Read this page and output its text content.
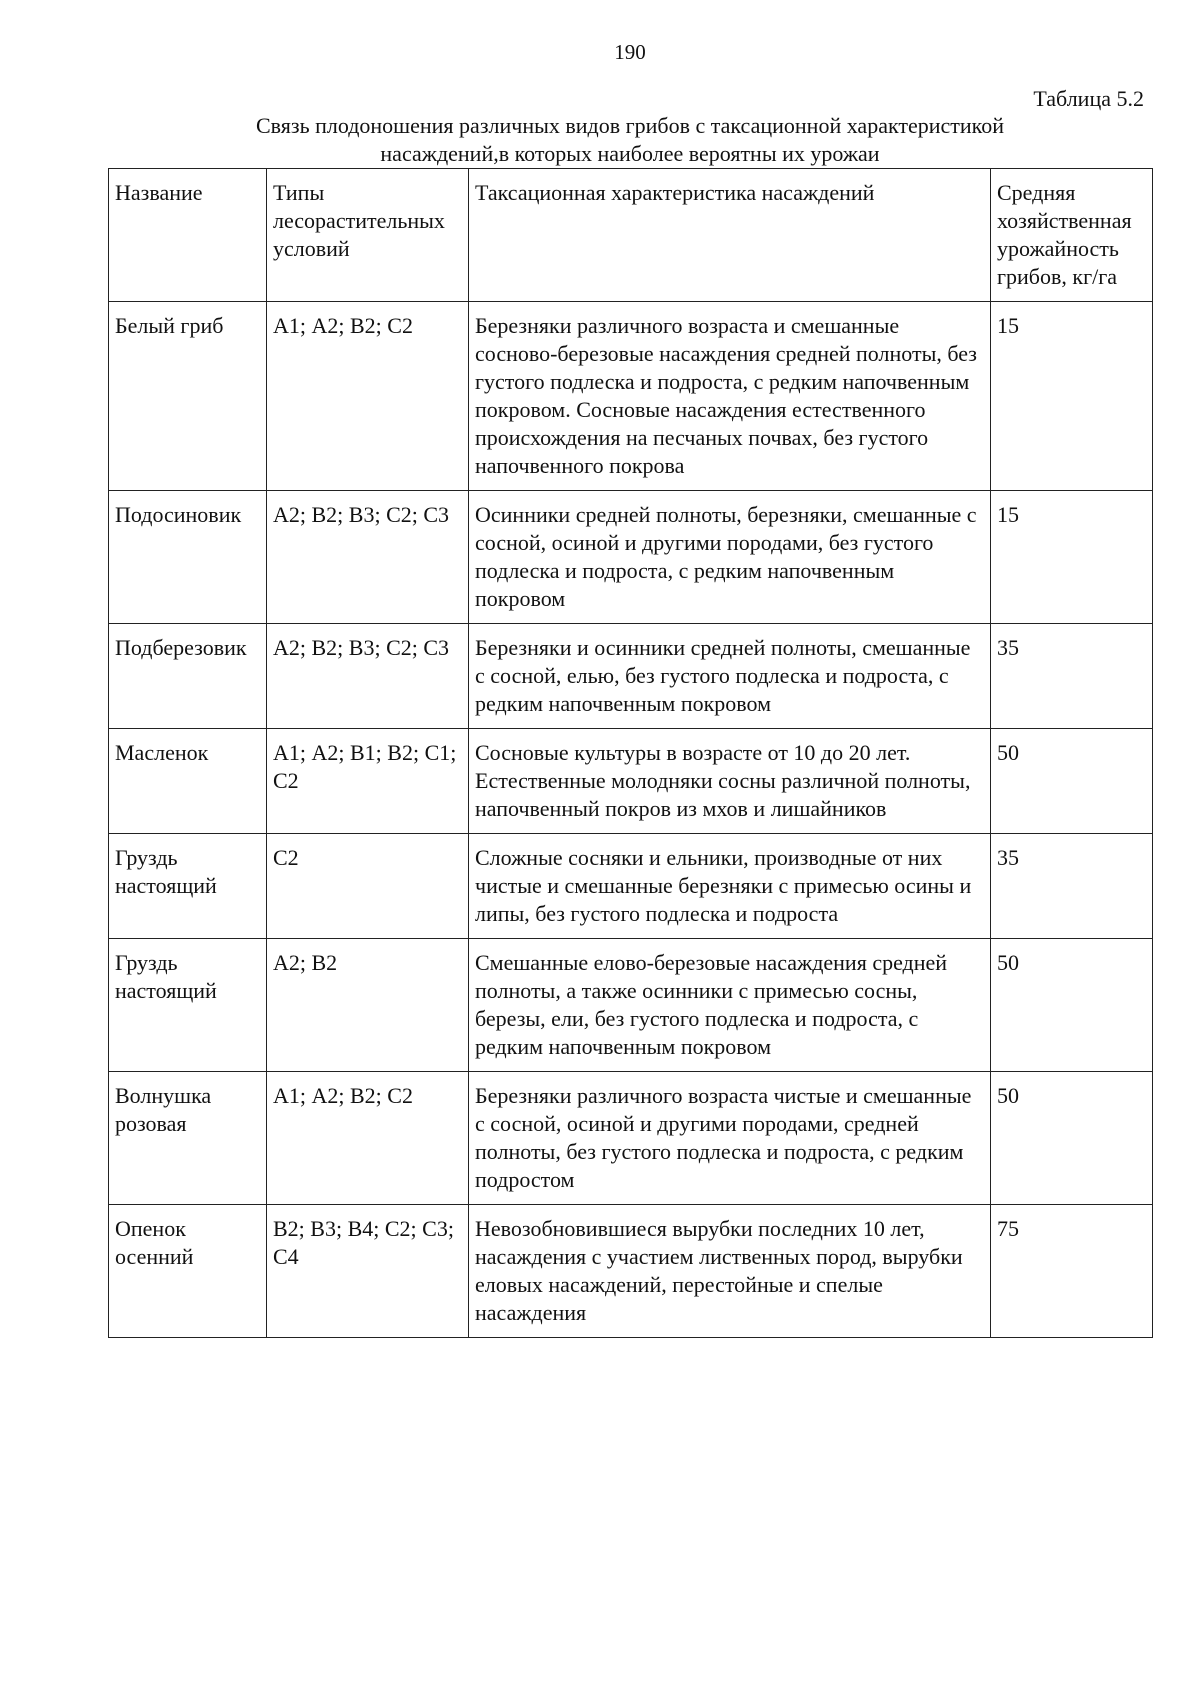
190
Таблица 5.2
Связь плодоношения различных видов грибов с таксационной характеристикой
насаждений,в которых наиболее вероятны их урожаи
Название	Типы лесорастительных условий	Таксационная характеристика насаждений	Средняя хозяйственная урожайность грибов, кг/га
Белый гриб	А1; А2; В2; С2	Березняки различного возраста и смешанные сосново-березовые насаждения средней полноты, без густого подлеска и подроста, с редким напочвенным покровом. Сосновые насаждения естественного происхождения на песчаных почвах, без густого напочвенного покрова	15
Подосиновик	А2; В2; В3; С2; С3	Осинники средней полноты, березняки, смешанные с сосной, осиной и другими породами, без густого подлеска и подроста, с редким напочвенным покровом	15
Подберезовик	А2; В2; В3; С2; С3	Березняки и осинники средней полноты, смешанные с сосной, елью, без густого подлеска и подроста, с редким напочвенным покровом	35
Масленок	А1; А2; В1; В2; С1; С2	Сосновые культуры в возрасте от 10 до 20 лет. Естественные молодняки сосны различной полноты, напочвенный покров из мхов и лишайников	50
Груздь настоящий	С2	Сложные сосняки и ельники, производные от них чистые и смешанные березняки с примесью осины и липы, без густого подлеска и подроста	35
Груздь настоящий	А2; В2	Смешанные елово-березовые насаждения средней полноты, а также осинники с примесью сосны, березы, ели, без густого подлеска и подроста, с редким напочвенным покровом	50
Волнушка розовая	А1; А2; В2; С2	Березняки различного возраста чистые и смешанные с сосной, осиной и другими породами, средней полноты, без густого подлеска и подроста, с редким подростом	50
Опенок осенний	В2; В3; В4; С2; С3; С4	Невозобновившиеся вырубки последних 10 лет, насаждения с участием лиственных пород, вырубки еловых насаждений, перестойные и спелые насаждения	75
